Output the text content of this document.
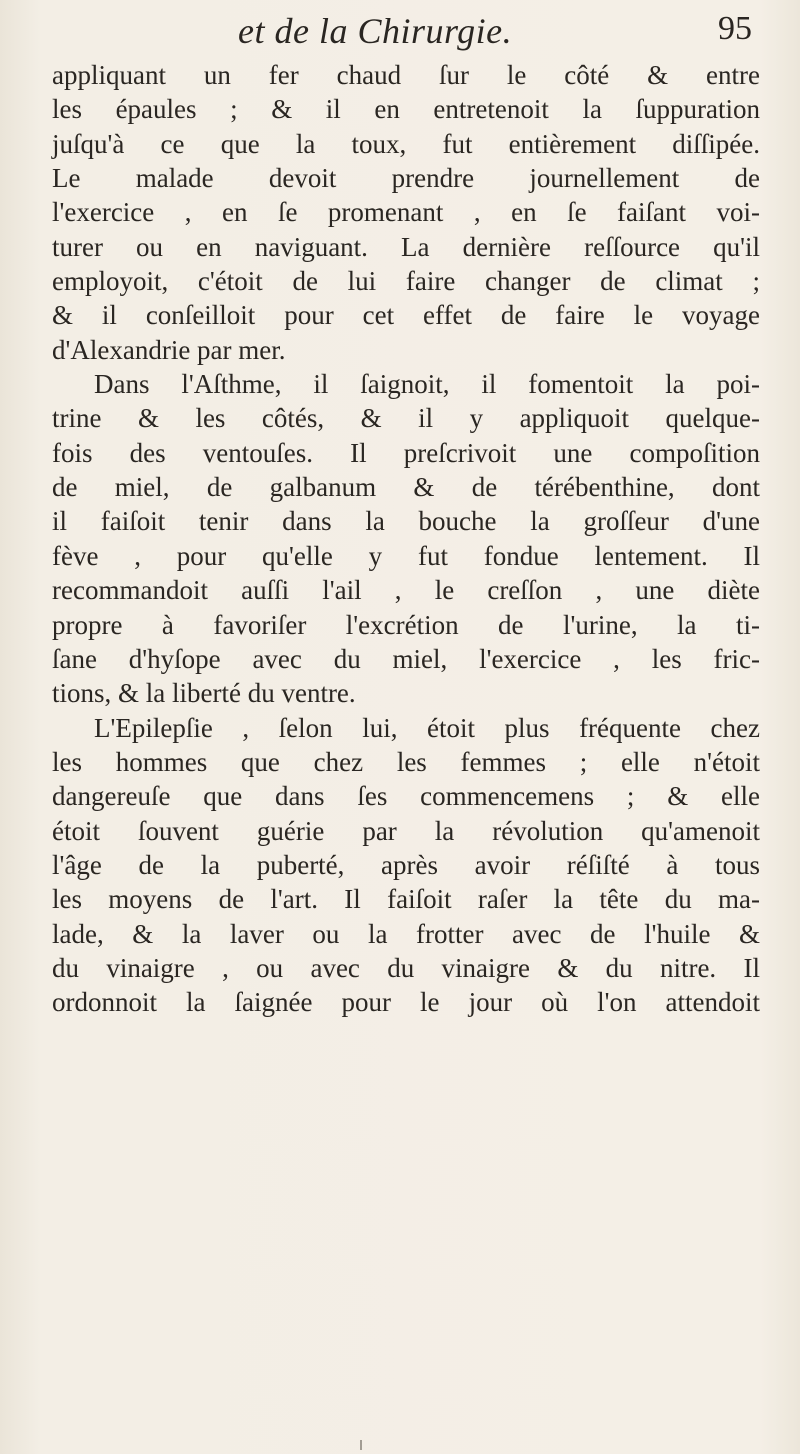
et de la Chirurgie.	95
appliquant un fer chaud ſur le côté & entre
les épaules ; & il en entretenoit la ſuppuration
juſqu'à ce que la toux, fut entièrement diſſipée.
Le malade devoit prendre journellement de
l'exercice , en ſe promenant , en ſe faiſant voi-
turer ou en naviguant. La dernière reſſource qu'il
employoit, c'étoit de lui faire changer de climat ;
& il conſeilloit pour cet effet de faire le voyage
d'Alexandrie par mer.
Dans l'Aſthme, il ſaignoit, il fomentoit la poi-
trine & les côtés, & il y appliquoit quelque-
fois des ventouſes. Il preſcrivoit une compoſition
de miel, de galbanum & de térébenthine, dont
il faiſoit tenir dans la bouche la groſſeur d'une
fève , pour qu'elle y fut fondue lentement. Il
recommandoit auſſi l'ail , le creſſon , une diète
propre à favoriſer l'excrétion de l'urine, la ti-
ſane d'hyſope avec du miel, l'exercice , les fric-
tions, & la liberté du ventre.
L'Epilepſie , ſelon lui, étoit plus fréquente chez
les hommes que chez les femmes ; elle n'étoit
dangereuſe que dans ſes commencemens ; & elle
étoit ſouvent guérie par la révolution qu'amenoit
l'âge de la puberté, après avoir réſiſté à tous
les moyens de l'art. Il faiſoit raſer la tête du ma-
lade, & la laver ou la frotter avec de l'huile &
du vinaigre , ou avec du vinaigre & du nitre. Il
ordonnoit la ſaignée pour le jour où l'on attendoit
